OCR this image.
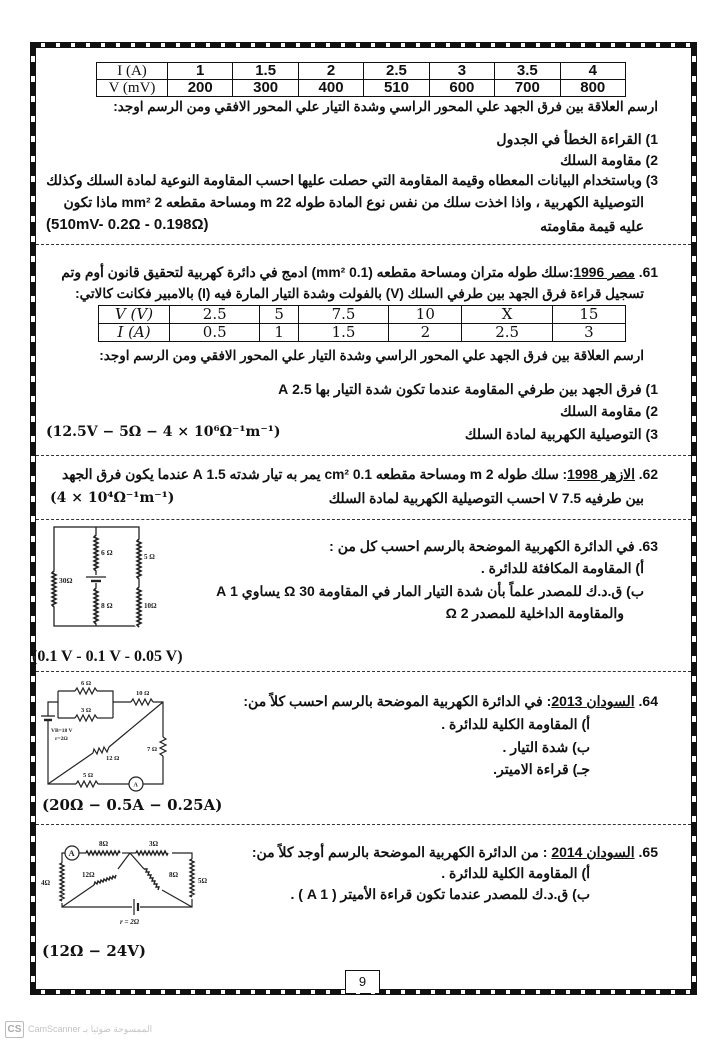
I (A)	1	1.5	2	2.5	3	3.5	4
V (mV)	200	300	400	510	600	700	800
ارسم العلاقة بين فرق الجهد علي المحور الراسي وشدة التيار علي المحور الافقي ومن الرسم اوجد:
1) القراءة الخطأ في الجدول
2) مقاومة السلك
3) وباستخدام البيانات المعطاه وقيمة المقاومة التي حصلت عليها احسب المقاومة النوعية لمادة السلك وكذلك
التوصيلية الكهربية ، واذا اخذت سلك من نفس نوع المادة طوله 22 m ومساحة مقطعه 2 mm² ماذا تكون
عليه قيمة مقاومته
(510mV- 0.2Ω - 0.198Ω)
61. مصر 1996:سلك طوله متران ومساحة مقطعه (0.1 mm²) ادمج في دائرة كهربية لتحقيق قانون أوم وتم
تسجيل قراءة فرق الجهد بين طرفي السلك (V) بالفولت وشدة التيار المارة فيه (I) بالامبير فكانت كالاتي:
V (V)	2.5	5	7.5	10	X	15
I (A)	0.5	1	1.5	2	2.5	3
ارسم العلاقة بين فرق الجهد علي المحور الراسي وشدة التيار علي المحور الافقي ومن الرسم اوجد:
1) فرق الجهد بين طرفي المقاومة عندما تكون شدة التيار بها 2.5 A
2) مقاومة السلك
3) التوصيلية الكهربية لمادة السلك
(12.5V − 5Ω − 4 × 10⁶Ω⁻¹m⁻¹)
62. الازهر 1998: سلك طوله 2 m ومساحة مقطعه 0.1 cm² يمر به تيار شدته 1.5 A عندما يكون فرق الجهد
بين طرفيه 7.5 V احسب التوصيلية الكهربية لمادة السلك
(4 × 10⁴Ω⁻¹m⁻¹)
6 Ω	5 Ω
30Ω
8 Ω	10Ω
63. في الدائرة الكهربية الموضحة بالرسم احسب كل من :
أ) المقاومة المكافئة للدائرة .
ب) ق.د.ك للمصدر علماً بأن شدة التيار المار في المقاومة Ω 30 يساوي 1 A
والمقاومة الداخلية للمصدر Ω 2
(0.1 V - 0.1 V - 0.05 V)
6 Ω
3 Ω
10 Ω
7 Ω
12 Ω
5 Ω
VB=18 V
r=2Ω
A
64. السودان 2013: في الدائرة الكهربية الموضحة بالرسم احسب كلاً من:
أ) المقاومة الكلية للدائرة .
ب) شدة التيار .
جـ) قراءة الاميتر.
(20Ω − 0.5A − 0.25A)
8Ω	3Ω
A
4Ω
12Ω	8Ω
5Ω
r = 2Ω
65. السودان 2014 : من الدائرة الكهربية الموضحة بالرسم أوجد كلاً من:
أ) المقاومة الكلية للدائرة .
ب) ق.د.ك للمصدر عندما تكون قراءة الأميتر ( A 1 ) .
(12Ω − 24V)
9
CS CamScanner الممسوحة ضوئيا بـ
